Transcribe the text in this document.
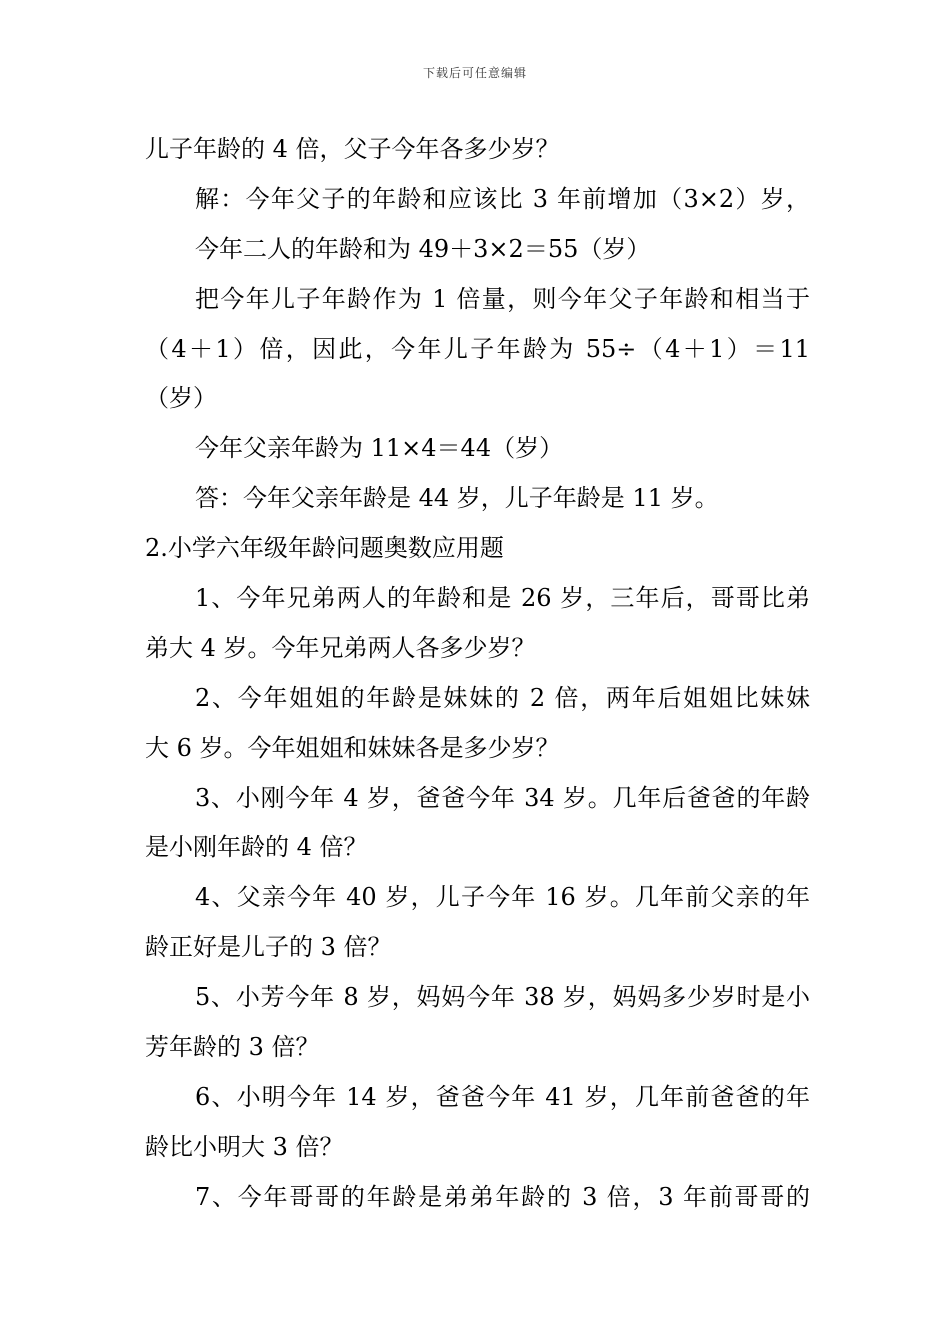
下载后可任意编辑
儿子年龄的 4 倍，父子今年各多少岁？
解：今年父子的年龄和应该比 3 年前增加（3×2）岁，
今年二人的年龄和为 49＋3×2＝55（岁）
把今年儿子年龄作为 1 倍量，则今年父子年龄和相当于
（4＋1）倍，因此，今年儿子年龄为 55÷（4＋1）＝11
（岁）
今年父亲年龄为 11×4＝44（岁）
答：今年父亲年龄是 44 岁，儿子年龄是 11 岁。
2.小学六年级年龄问题奥数应用题
1、今年兄弟两人的年龄和是 26 岁，三年后，哥哥比弟
弟大 4 岁。今年兄弟两人各多少岁？
2、今年姐姐的年龄是妹妹的 2 倍，两年后姐姐比妹妹
大 6 岁。今年姐姐和妹妹各是多少岁？
3、小刚今年 4 岁，爸爸今年 34 岁。几年后爸爸的年龄
是小刚年龄的 4 倍？
4、父亲今年 40 岁，儿子今年 16 岁。几年前父亲的年
龄正好是儿子的 3 倍？
5、小芳今年 8 岁，妈妈今年 38 岁，妈妈多少岁时是小
芳年龄的 3 倍？
6、小明今年 14 岁，爸爸今年 41 岁，几年前爸爸的年
龄比小明大 3 倍？
7、今年哥哥的年龄是弟弟年龄的 3 倍，3 年前哥哥的
